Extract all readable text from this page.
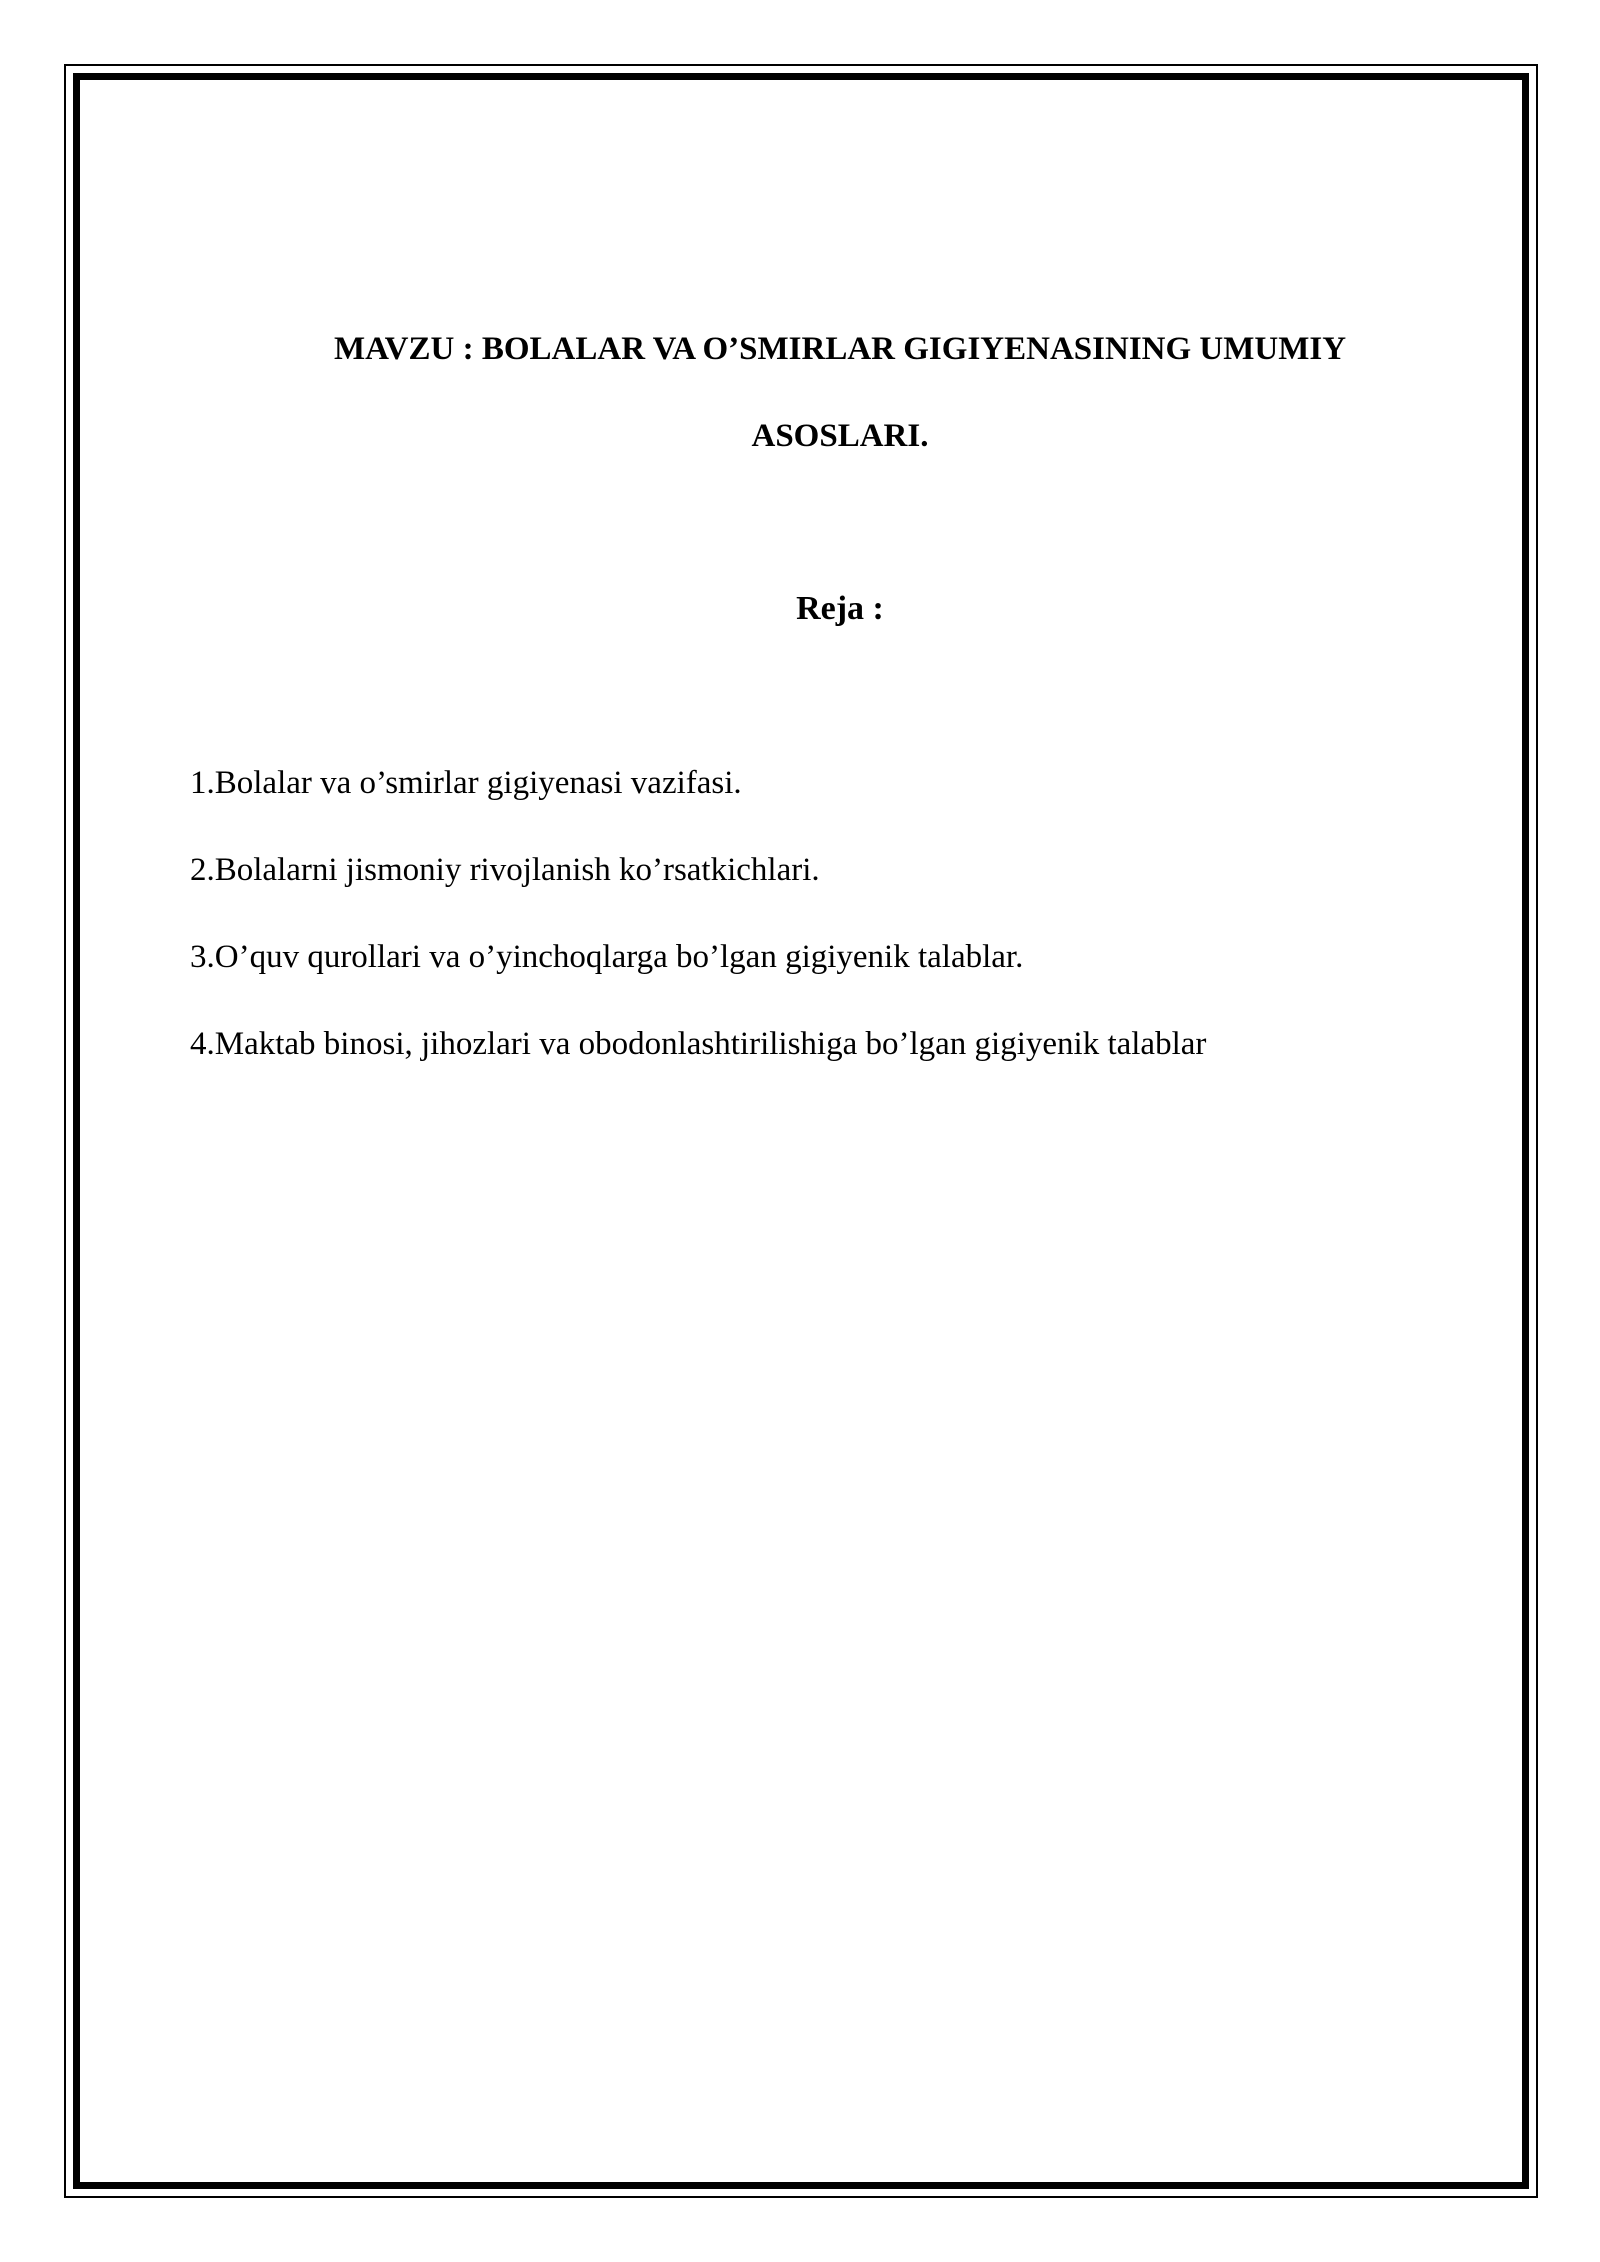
MAVZU : BOLALAR VA O’SMIRLAR GIGIYENASINING UMUMIY
ASOSLARI.
Reja :
1.Bolalar va o’smirlar gigiyenasi vazifasi.
2.Bolalarni jismoniy rivojlanish ko’rsatkichlari.
3.O’quv qurollari va o’yinchoqlarga bo’lgan gigiyenik talablar.
4.Maktab binosi, jihozlari va obodonlashtirilishiga bo’lgan gigiyenik talablar
